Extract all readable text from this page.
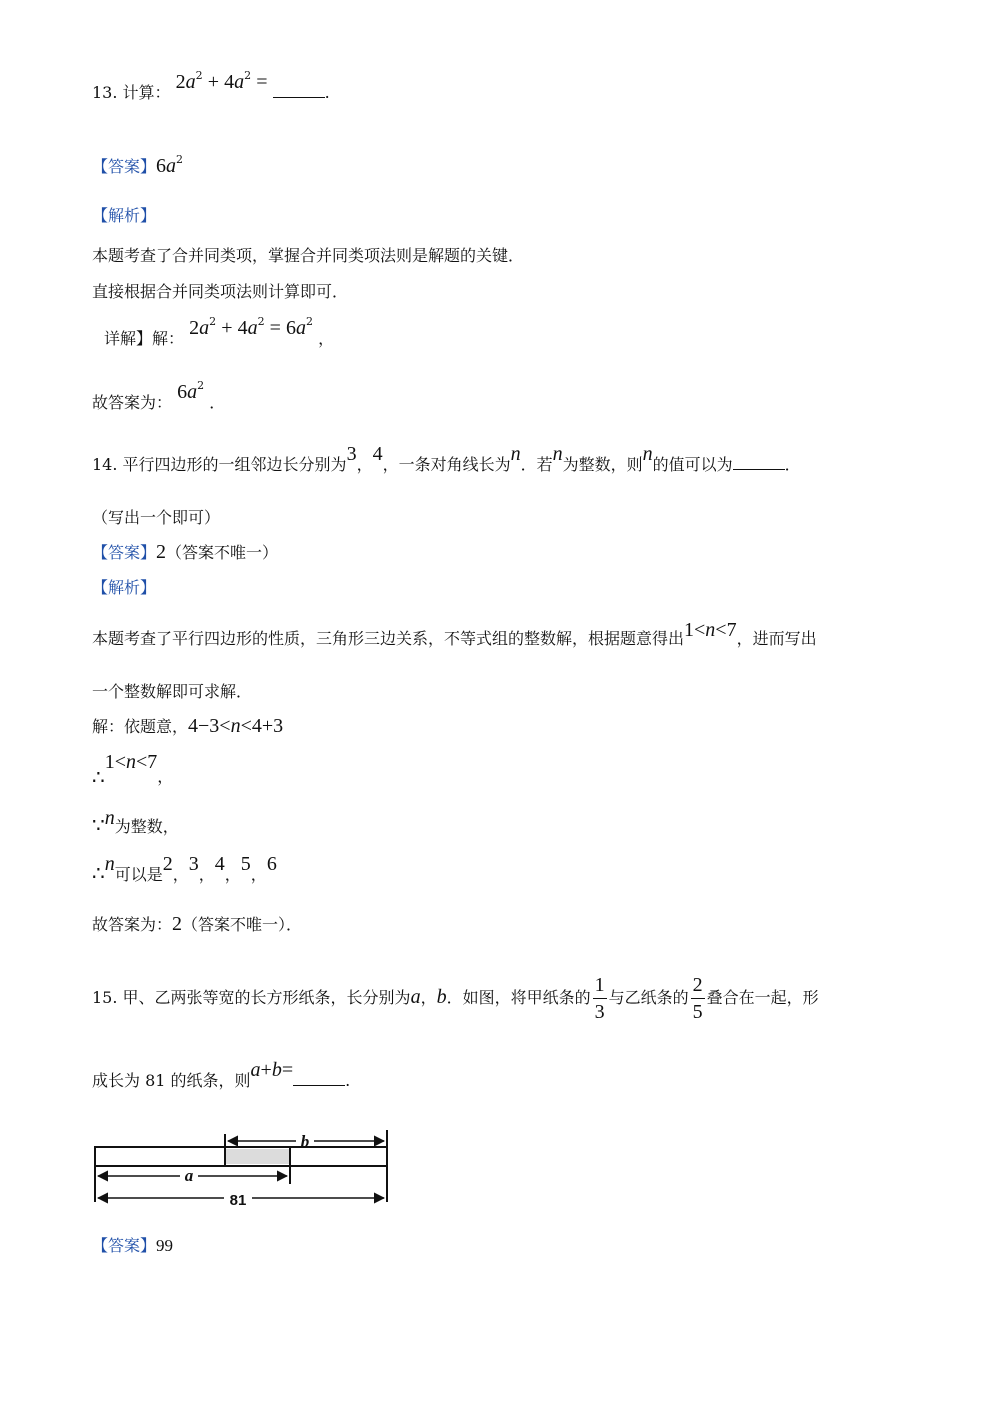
13. 计算： $2a^2 + 4a^2$ =	.
【答案】$6a^2$
【解析】
本题考查了合并同类项，掌握合并同类项法则是解题的关键．
直接根据合并同类项法则计算即可．
详解】解： $2a^2 + 4a^2 = 6a^2$ ，
故答案为： $6a^2$ ．
14. 平行四边形的一组邻边长分别为3，4，一条对角线长为n．若n为整数，则n的值可以为	．
（写出一个即可）
【答案】2（答案不唯一）
【解析】
本题考查了平行四边形的性质，三角形三边关系，不等式组的整数解，根据题意得出1<n<7，进而写出
一个整数解即可求解．
解：依题意，4−3<n<4+3
∴1<n<7，
∵n为整数，
∴n可以是2，3，4，5，6
故答案为：2（答案不唯一）．
15. 甲、乙两张等宽的长方形纸条，长分别为a，b．如图，将甲纸条的 $\frac{1}{3}$ 与乙纸条的 $\frac{2}{5}$ 叠合在一起，形
成长为 81 的纸条，则a+b=	.
b
a
81
【答案】99
